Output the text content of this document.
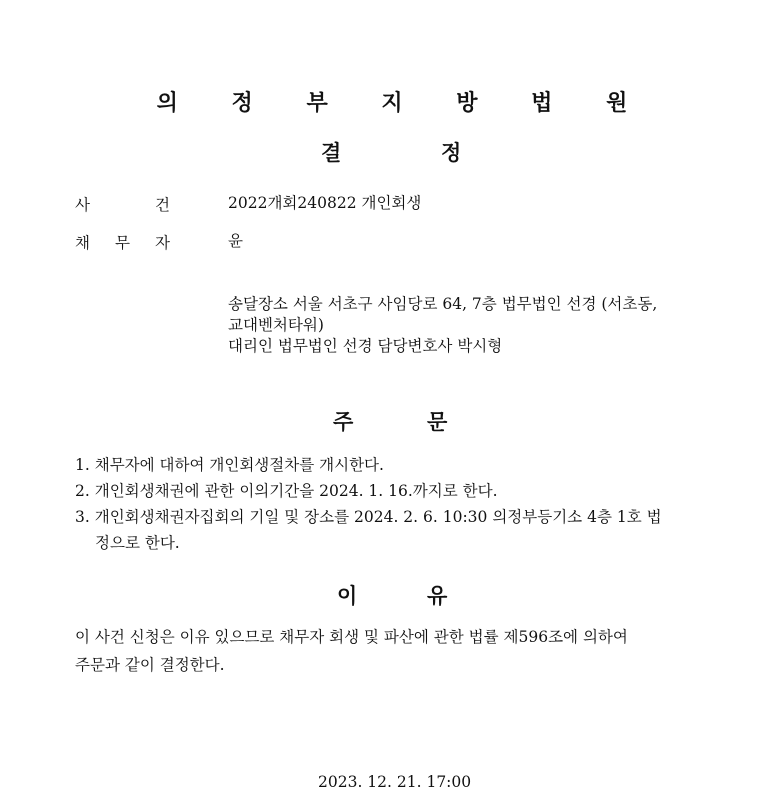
의 정 부 지 방 법 원
결	정
사	건	2022개회240822 개인회생
채 무 자	윤
송달장소 서울 서초구 사임당로 64, 7층 법무법인 선경 (서초동,
교대벤처타워)
대리인 법무법인 선경 담당변호사 박시형
주	문
1. 채무자에 대하여 개인회생절차를 개시한다.
2. 개인회생채권에 관한 이의기간을 2024. 1. 16.까지로 한다.
3. 개인회생채권자집회의 기일 및 장소를 2024. 2. 6. 10:30 의정부등기소 4층 1호 법
정으로 한다.
이	유
이 사건 신청은 이유 있으므로 채무자 회생 및 파산에 관한 법률 제596조에 의하여
주문과 같이 결정한다.
2023. 12. 21. 17:00
